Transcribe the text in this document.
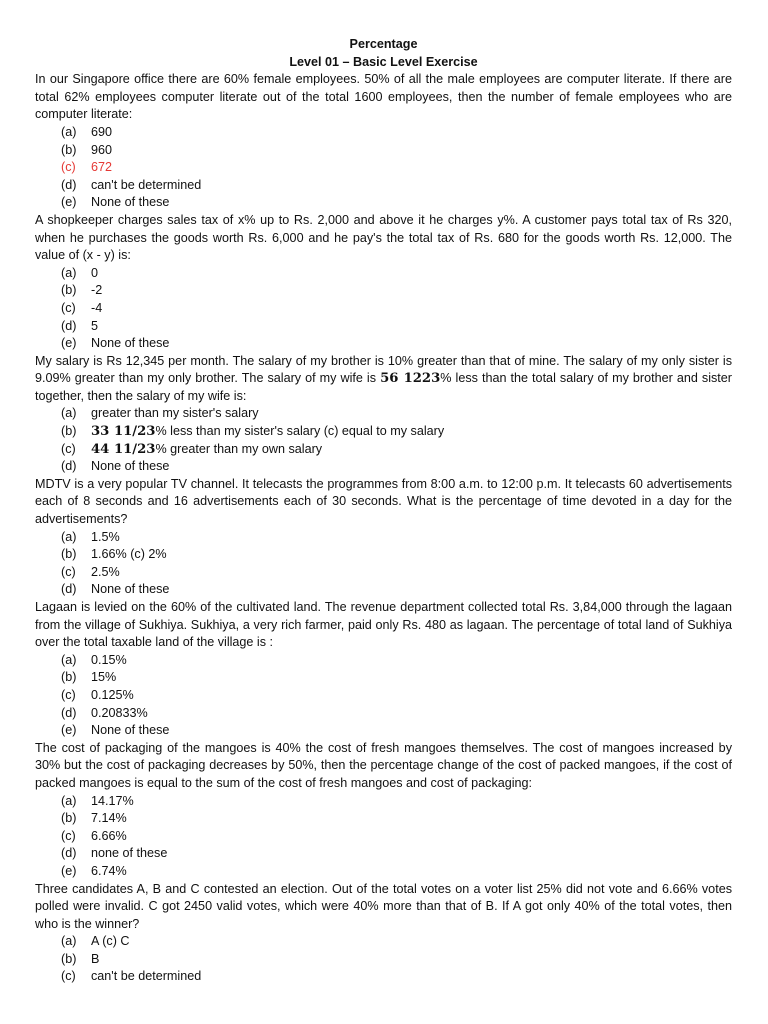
Percentage
Level 01 – Basic Level Exercise
In our Singapore office there are 60% female employees. 50% of all the male employees are computer literate. If there are total 62% employees computer literate out of the total 1600 employees, then the number of female employees who are computer literate:
(a)	690
(b)	960
(c)	672
(d)	can't be determined
(e)	None of these
A shopkeeper charges sales tax of x% up to Rs. 2,000 and above it he charges y%. A customer pays total tax of Rs 320, when he purchases the goods worth Rs. 6,000 and he pay's the total tax of Rs. 680 for the goods worth Rs. 12,000. The value of (x - y) is:
(a)	0
(b)	-2
(c)	-4
(d)	5
(e)	None of these
My salary is Rs 12,345 per month. The salary of my brother is 10% greater than that of mine. The salary of my only sister is 9.09% greater than my only brother. The salary of my wife is 56 1223% less than the total salary of my brother and sister together, then the salary of my wife is:
(a)	greater than my sister's salary
(b)	33 11/23% less than my sister's salary (c) equal to my salary
(c)	44 11/23% greater than my own salary
(d)	None of these
MDTV is a very popular TV channel. It telecasts the programmes from 8:00 a.m. to 12:00 p.m. It telecasts 60 advertisements each of 8 seconds and 16 advertisements each of 30 seconds. What is the percentage of time devoted in a day for the advertisements?
(a)	1.5%
(b)	1.66% (c) 2%
(c)	2.5%
(d)	None of these
Lagaan is levied on the 60% of the cultivated land. The revenue department collected total Rs. 3,84,000 through the lagaan from the village of Sukhiya. Sukhiya, a very rich farmer, paid only Rs. 480 as lagaan. The percentage of total land of Sukhiya over the total taxable land of the village is :
(a)	0.15%
(b)	15%
(c)	0.125%
(d)	0.20833%
(e)	None of these
The cost of packaging of the mangoes is 40% the cost of fresh mangoes themselves. The cost of mangoes increased by 30% but the cost of packaging decreases by 50%, then the percentage change of the cost of packed mangoes, if the cost of packed mangoes is equal to the sum of the cost of fresh mangoes and cost of packaging:
(a)	14.17%
(b)	7.14%
(c)	6.66%
(d)	none of these
(e)	6.74%
Three candidates A, B and C contested an election. Out of the total votes on a voter list 25% did not vote and 6.66% votes polled were invalid. C got 2450 valid votes, which were 40% more than that of B. If A got only 40% of the total votes, then who is the winner?
(a)	A (c) C
(b)	B
(c)	can't be determined
